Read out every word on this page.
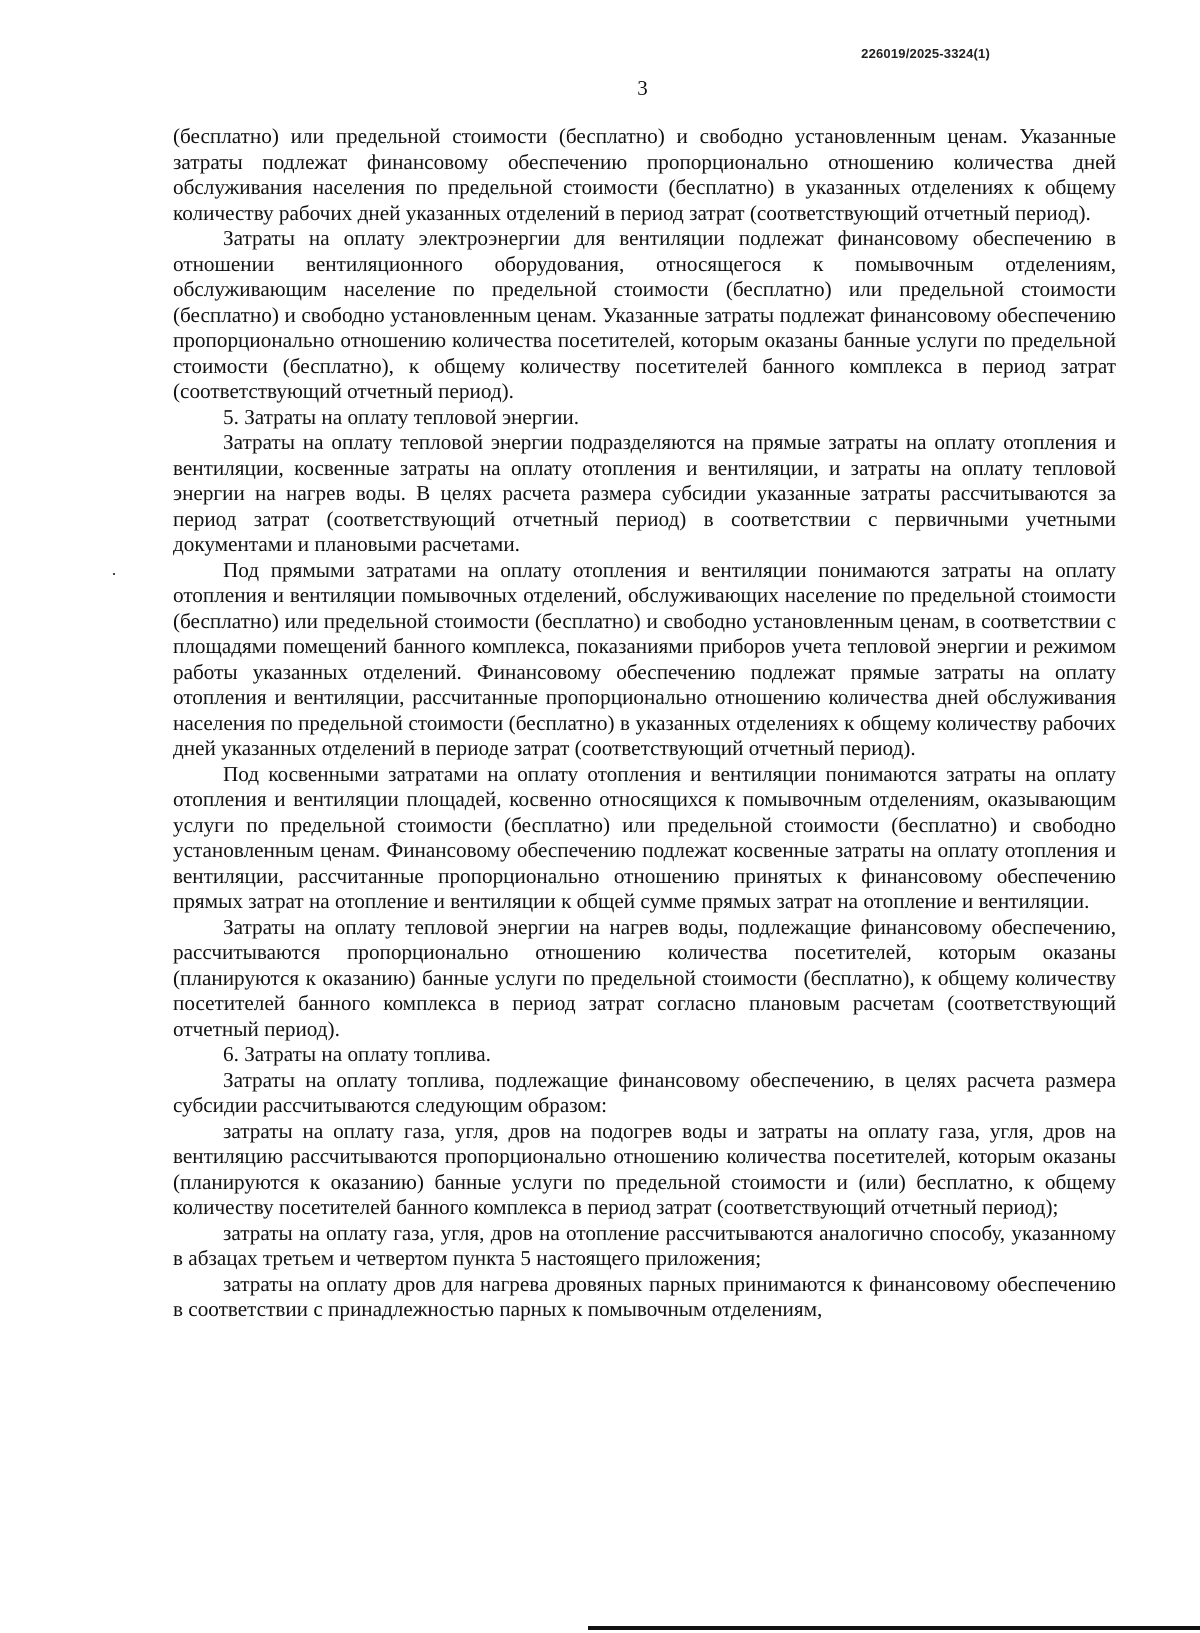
226019/2025-3324(1)
3

(бесплатно) или предельной стоимости (бесплатно) и свободно установленным ценам. Указанные затраты подлежат финансовому обеспечению пропорционально отношению количества дней обслуживания населения по предельной стоимости (бесплатно) в указанных отделениях к общему количеству рабочих дней указанных отделений в период затрат (соответствующий отчетный период).

Затраты на оплату электроэнергии для вентиляции подлежат финансовому обеспечению в отношении вентиляционного оборудования, относящегося к помывочным отделениям, обслуживающим население по предельной стоимости (бесплатно) или предельной стоимости (бесплатно) и свободно установленным ценам. Указанные затраты подлежат финансовому обеспечению пропорционально отношению количества посетителей, которым оказаны банные услуги по предельной стоимости (бесплатно), к общему количеству посетителей банного комплекса в период затрат (соответствующий отчетный период).

5. Затраты на оплату тепловой энергии.

Затраты на оплату тепловой энергии подразделяются на прямые затраты на оплату отопления и вентиляции, косвенные затраты на оплату отопления и вентиляции, и затраты на оплату тепловой энергии на нагрев воды. В целях расчета размера субсидии указанные затраты рассчитываются за период затрат (соответствующий отчетный период) в соответствии с первичными учетными документами и плановыми расчетами.

Под прямыми затратами на оплату отопления и вентиляции понимаются затраты на оплату отопления и вентиляции помывочных отделений, обслуживающих население по предельной стоимости (бесплатно) или предельной стоимости (бесплатно) и свободно установленным ценам, в соответствии с площадями помещений банного комплекса, показаниями приборов учета тепловой энергии и режимом работы указанных отделений. Финансовому обеспечению подлежат прямые затраты на оплату отопления и вентиляции, рассчитанные пропорционально отношению количества дней обслуживания населения по предельной стоимости (бесплатно) в указанных отделениях к общему количеству рабочих дней указанных отделений в периоде затрат (соответствующий отчетный период).

Под косвенными затратами на оплату отопления и вентиляции понимаются затраты на оплату отопления и вентиляции площадей, косвенно относящихся к помывочным отделениям, оказывающим услуги по предельной стоимости (бесплатно) или предельной стоимости (бесплатно) и свободно установленным ценам. Финансовому обеспечению подлежат косвенные затраты на оплату отопления и вентиляции, рассчитанные пропорционально отношению принятых к финансовому обеспечению прямых затрат на отопление и вентиляции к общей сумме прямых затрат на отопление и вентиляции.

Затраты на оплату тепловой энергии на нагрев воды, подлежащие финансовому обеспечению, рассчитываются пропорционально отношению количества посетителей, которым оказаны (планируются к оказанию) банные услуги по предельной стоимости (бесплатно), к общему количеству посетителей банного комплекса в период затрат согласно плановым расчетам (соответствующий отчетный период).

6. Затраты на оплату топлива.

Затраты на оплату топлива, подлежащие финансовому обеспечению, в целях расчета размера субсидии рассчитываются следующим образом:

затраты на оплату газа, угля, дров на подогрев воды и затраты на оплату газа, угля, дров на вентиляцию рассчитываются пропорционально отношению количества посетителей, которым оказаны (планируются к оказанию) банные услуги по предельной стоимости и (или) бесплатно, к общему количеству посетителей банного комплекса в период затрат (соответствующий отчетный период);

затраты на оплату газа, угля, дров на отопление рассчитываются аналогично способу, указанному в абзацах третьем и четвертом пункта 5 настоящего приложения;

затраты на оплату дров для нагрева дровяных парных принимаются к финансовому обеспечению в соответствии с принадлежностью парных к помывочным отделениям,
